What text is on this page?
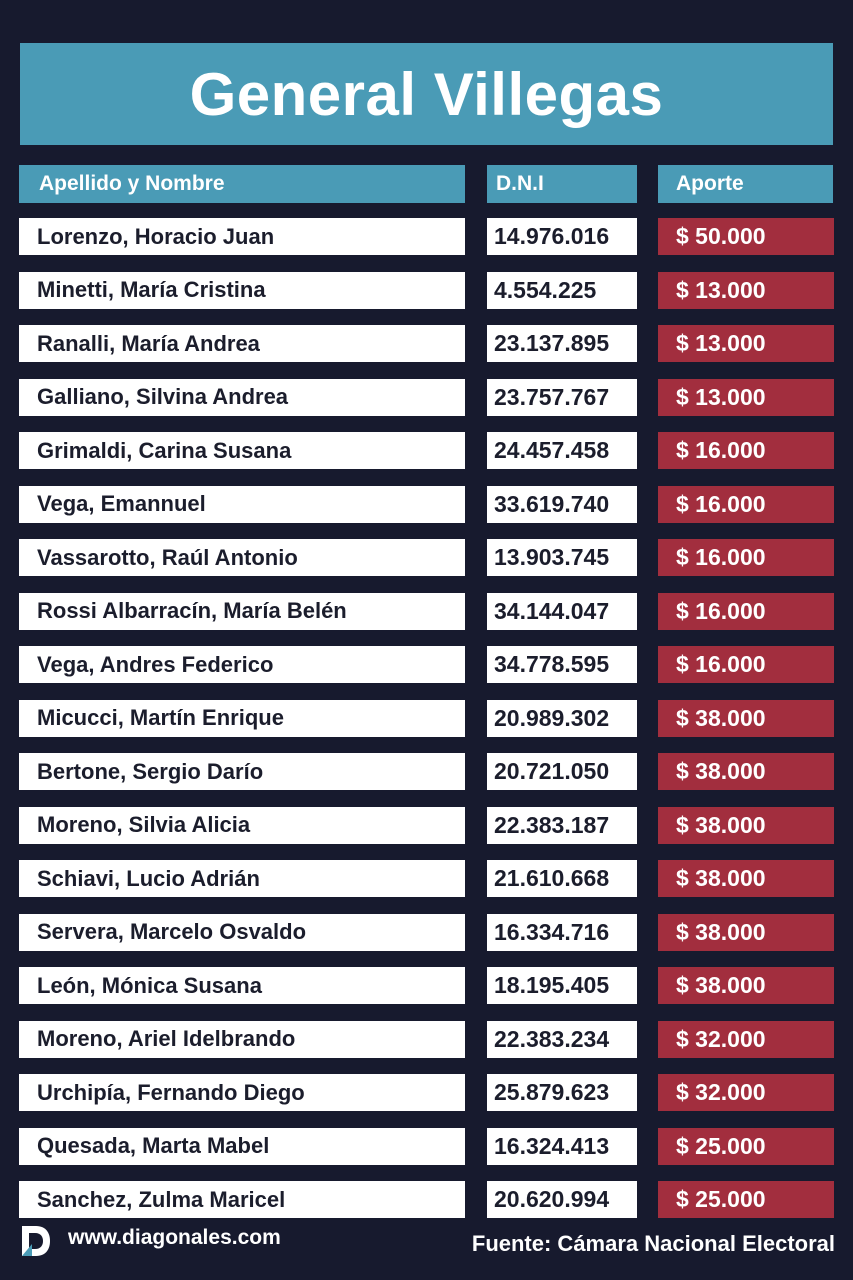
General Villegas
Apellido y Nombre	D.N.I	Aporte
Lorenzo, Horacio Juan	14.976.016	$ 50.000
Minetti, María Cristina	4.554.225	$ 13.000
Ranalli, María Andrea	23.137.895	$ 13.000
Galliano, Silvina Andrea	23.757.767	$ 13.000
Grimaldi, Carina Susana	24.457.458	$ 16.000
Vega, Emannuel	33.619.740	$ 16.000
Vassarotto, Raúl Antonio	13.903.745	$ 16.000
Rossi Albarracín, María Belén	34.144.047	$ 16.000
Vega, Andres Federico	34.778.595	$ 16.000
Micucci, Martín Enrique	20.989.302	$ 38.000
Bertone, Sergio Darío	20.721.050	$ 38.000
Moreno, Silvia Alicia	22.383.187	$ 38.000
Schiavi, Lucio Adrián	21.610.668	$ 38.000
Servera, Marcelo Osvaldo	16.334.716	$ 38.000
León, Mónica Susana	18.195.405	$ 38.000
Moreno, Ariel Idelbrando	22.383.234	$ 32.000
Urchipía, Fernando Diego	25.879.623	$ 32.000
Quesada, Marta Mabel	16.324.413	$ 25.000
Sanchez, Zulma Maricel	20.620.994	$ 25.000
www.diagonales.com	Fuente: Cámara Nacional Electoral
